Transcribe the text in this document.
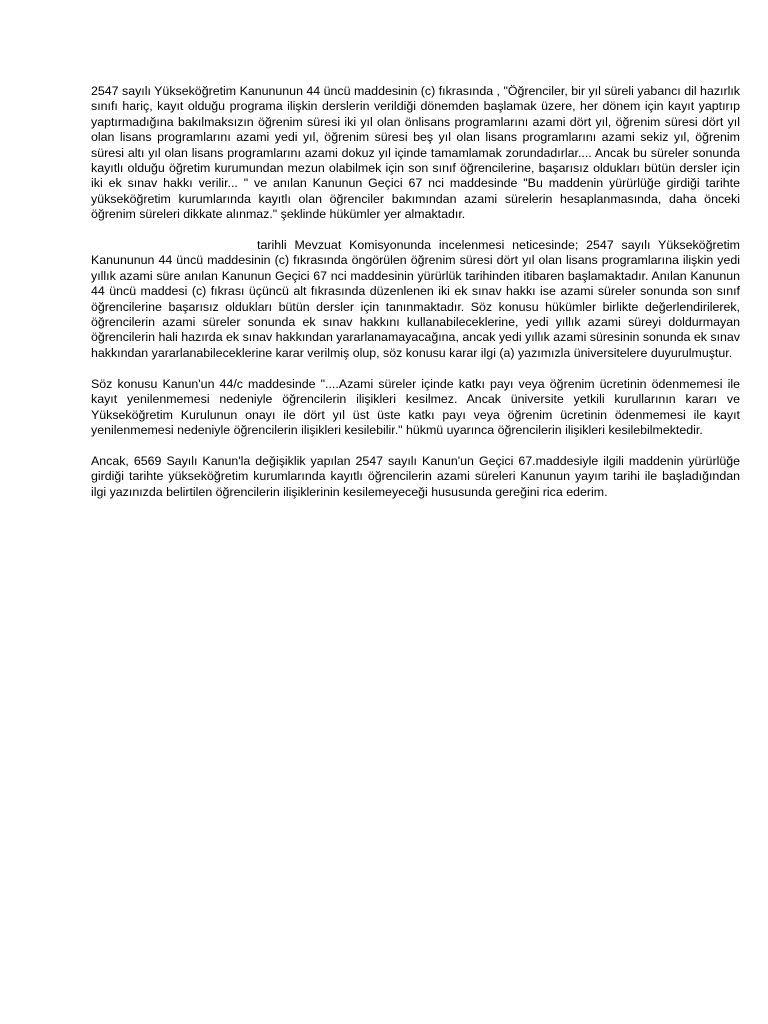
2547 sayılı Yükseköğretim Kanununun 44 üncü maddesinin (c) fıkrasında , "Öğrenciler, bir yıl süreli yabancı dil hazırlık sınıfı hariç, kayıt olduğu programa ilişkin derslerin verildiği dönemden başlamak üzere, her dönem için kayıt yaptırıp yaptırmadığına bakılmaksızın öğrenim süresi iki yıl olan önlisans programlarını azami dört yıl, öğrenim süresi dört yıl olan lisans programlarını azami yedi yıl, öğrenim süresi beş yıl olan lisans programlarını azami sekiz yıl, öğrenim süresi altı yıl olan lisans programlarını azami dokuz yıl içinde tamamlamak zorundadırlar.... Ancak bu süreler sonunda kayıtlı olduğu öğretim kurumundan mezun olabilmek için son sınıf öğrencilerine, başarısız oldukları bütün dersler için iki ek sınav hakkı verilir... " ve anılan Kanunun Geçici 67 nci maddesinde "Bu maddenin yürürlüğe girdiği tarihte yükseköğretim kurumlarında kayıtlı olan öğrenciler bakımından azami sürelerin hesaplanmasında, daha önceki öğrenim süreleri dikkate alınmaz." şeklinde hükümler yer almaktadır.

tarihli Mevzuat Komisyonunda incelenmesi neticesinde; 2547 sayılı Yükseköğretim Kanununun 44 üncü maddesinin (c) fıkrasında öngörülen öğrenim süresi dört yıl olan lisans programlarına ilişkin yedi yıllık azami süre anılan Kanunun Geçici 67 nci maddesinin yürürlük tarihinden itibaren başlamaktadır. Anılan Kanunun 44 üncü maddesi (c) fıkrası üçüncü alt fıkrasında düzenlenen iki ek sınav hakkı ise azami süreler sonunda son sınıf öğrencilerine başarısız oldukları bütün dersler için tanınmaktadır. Söz konusu hükümler birlikte değerlendirilerek, öğrencilerin azami süreler sonunda ek sınav hakkını kullanabileceklerine, yedi yıllık azami süreyi doldurmayan öğrencilerin hali hazırda ek sınav hakkından yararlanamayacağına, ancak yedi yıllık azami süresinin sonunda ek sınav hakkından yararlanabileceklerine karar verilmiş olup, söz konusu karar ilgi (a) yazımızla üniversitelere duyurulmuştur.

Söz konusu Kanun'un 44/c maddesinde "....Azami süreler içinde katkı payı veya öğrenim ücretinin ödenmemesi ile kayıt yenilenmemesi nedeniyle öğrencilerin ilişikleri kesilmez. Ancak üniversite yetkili kurullarının kararı ve Yükseköğretim Kurulunun onayı ile dört yıl üst üste katkı payı veya öğrenim ücretinin ödenmemesi ile kayıt yenilenmemesi nedeniyle öğrencilerin ilişikleri kesilebilir." hükmü uyarınca öğrencilerin ilişikleri kesilebilmektedir.

Ancak, 6569 Sayılı Kanun'la değişiklik yapılan 2547 sayılı Kanun'un Geçici 67.maddesiyle ilgili maddenin yürürlüğe girdiği tarihte yükseköğretim kurumlarında kayıtlı öğrencilerin azami süreleri Kanunun yayım tarihi ile başladığından ilgi yazınızda belirtilen öğrencilerin ilişiklerinin kesilemeyeceği hususunda gereğini rica ederim.
